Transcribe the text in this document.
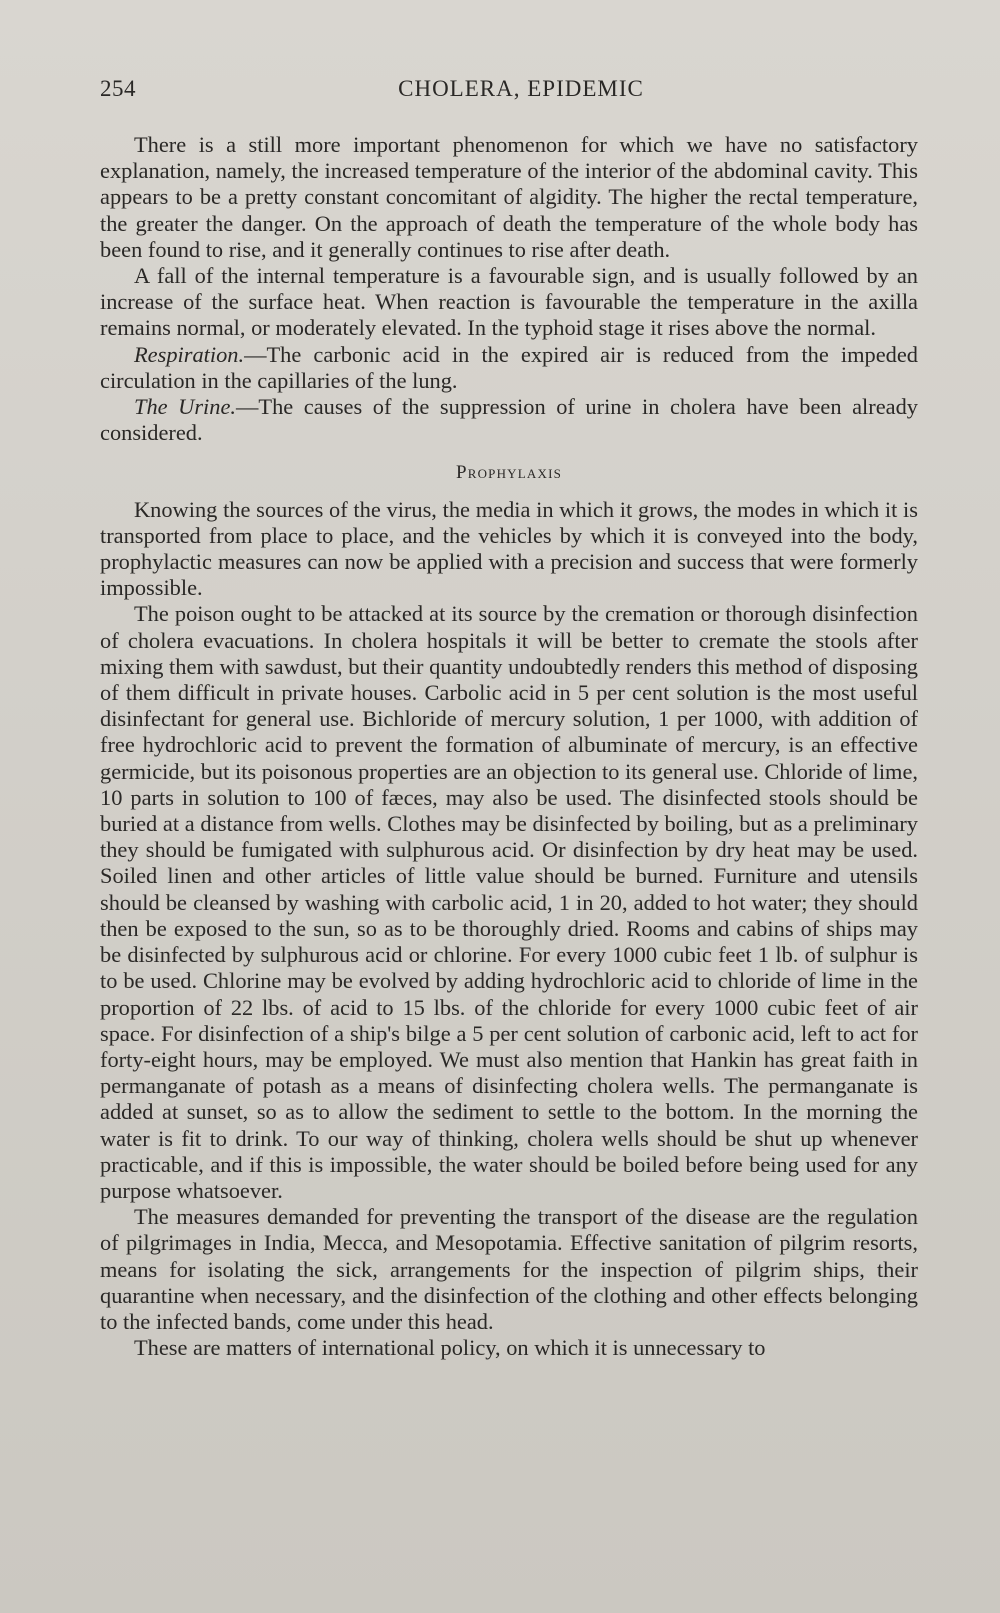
254	CHOLERA, EPIDEMIC

There is a still more important phenomenon for which we have no satisfactory explanation, namely, the increased temperature of the interior of the abdominal cavity. This appears to be a pretty constant concomitant of algidity. The higher the rectal temperature, the greater the danger. On the approach of death the temperature of the whole body has been found to rise, and it generally continues to rise after death.

A fall of the internal temperature is a favourable sign, and is usually followed by an increase of the surface heat. When reaction is favourable the temperature in the axilla remains normal, or moderately elevated. In the typhoid stage it rises above the normal.

Respiration.—The carbonic acid in the expired air is reduced from the impeded circulation in the capillaries of the lung.

The Urine.—The causes of the suppression of urine in cholera have been already considered.

Prophylaxis

Knowing the sources of the virus, the media in which it grows, the modes in which it is transported from place to place, and the vehicles by which it is conveyed into the body, prophylactic measures can now be applied with a precision and success that were formerly impossible.

The poison ought to be attacked at its source by the cremation or thorough disinfection of cholera evacuations. In cholera hospitals it will be better to cremate the stools after mixing them with sawdust, but their quantity undoubtedly renders this method of disposing of them difficult in private houses. Carbolic acid in 5 per cent solution is the most useful disinfectant for general use. Bichloride of mercury solution, 1 per 1000, with addition of free hydrochloric acid to prevent the formation of albuminate of mercury, is an effective germicide, but its poisonous properties are an objection to its general use. Chloride of lime, 10 parts in solution to 100 of fæces, may also be used. The disinfected stools should be buried at a distance from wells. Clothes may be disinfected by boiling, but as a preliminary they should be fumigated with sulphurous acid. Or disinfection by dry heat may be used. Soiled linen and other articles of little value should be burned. Furniture and utensils should be cleansed by washing with carbolic acid, 1 in 20, added to hot water; they should then be exposed to the sun, so as to be thoroughly dried. Rooms and cabins of ships may be disinfected by sulphurous acid or chlorine. For every 1000 cubic feet 1 lb. of sulphur is to be used. Chlorine may be evolved by adding hydrochloric acid to chloride of lime in the proportion of 22 lbs. of acid to 15 lbs. of the chloride for every 1000 cubic feet of air space. For disinfection of a ship's bilge a 5 per cent solution of carbonic acid, left to act for forty-eight hours, may be employed. We must also mention that Hankin has great faith in permanganate of potash as a means of disinfecting cholera wells. The permanganate is added at sunset, so as to allow the sediment to settle to the bottom. In the morning the water is fit to drink. To our way of thinking, cholera wells should be shut up whenever practicable, and if this is impossible, the water should be boiled before being used for any purpose whatsoever.

The measures demanded for preventing the transport of the disease are the regulation of pilgrimages in India, Mecca, and Mesopotamia. Effective sanitation of pilgrim resorts, means for isolating the sick, arrangements for the inspection of pilgrim ships, their quarantine when necessary, and the disinfection of the clothing and other effects belonging to the infected bands, come under this head.

These are matters of international policy, on which it is unnecessary to
